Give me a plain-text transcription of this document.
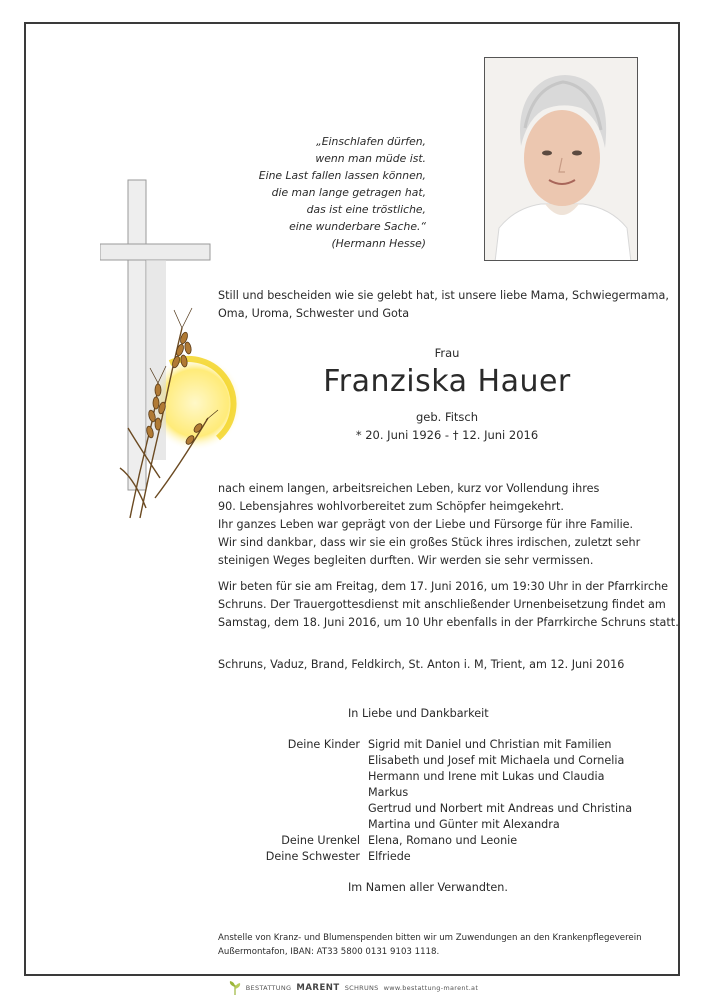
„Einschlafen dürfen,
wenn man müde ist.
Eine Last fallen lassen können,
die man lange getragen hat,
das ist eine tröstliche,
eine wunderbare Sache.“
(Hermann Hesse)
Still und bescheiden wie sie gelebt hat, ist unsere liebe Mama, Schwiegermama,
Oma, Uroma, Schwester und Gota
Frau
Franziska Hauer
geb. Fitsch
* 20. Juni 1926 - † 12. Juni 2016
nach einem langen, arbeitsreichen Leben, kurz vor Vollendung ihres
90. Lebensjahres wohlvorbereitet zum Schöpfer heimgekehrt.
Ihr ganzes Leben war geprägt von der Liebe und Fürsorge für ihre Familie.
Wir sind dankbar, dass wir sie ein großes Stück ihres irdischen, zuletzt sehr
steinigen Weges begleiten durften. Wir werden sie sehr vermissen.
Wir beten für sie am Freitag, dem 17. Juni 2016, um 19:30 Uhr in der Pfarrkirche
Schruns. Der Trauergottesdienst mit anschließender Urnenbeisetzung findet am
Samstag, dem 18. Juni 2016, um 10 Uhr ebenfalls in der Pfarrkirche Schruns statt.
Schruns, Vaduz, Brand, Feldkirch, St. Anton i. M, Trient, am 12. Juni 2016
In Liebe und Dankbarkeit
Deine Kinder Sigrid mit Daniel und Christian mit Familien
Elisabeth und Josef mit Michaela und Cornelia
Hermann und Irene mit Lukas und Claudia
Markus
Gertrud und Norbert mit Andreas und Christina
Martina und Günter mit Alexandra
Deine Urenkel Elena, Romano und Leonie
Deine Schwester Elfriede
Im Namen aller Verwandten.
Anstelle von Kranz- und Blumenspenden bitten wir um Zuwendungen an den Krankenpflegeverein
Außermontafon, IBAN: AT33 5800 0131 9103 1118.
BESTATTUNG MARENT SCHRUNS www.bestattung-marent.at
